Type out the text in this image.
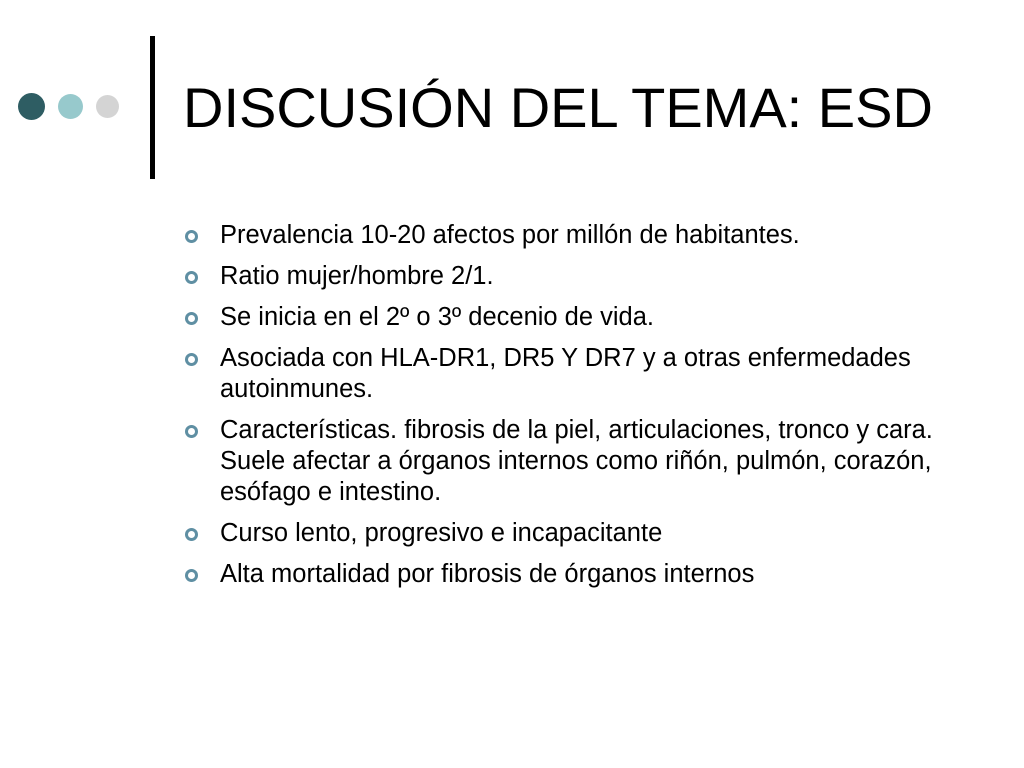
DISCUSIÓN DEL TEMA: ESD
Prevalencia 10-20 afectos por millón de habitantes.
Ratio mujer/hombre 2/1.
Se inicia en el 2º o 3º decenio de vida.
Asociada con HLA-DR1, DR5 Y DR7 y a otras enfermedades autoinmunes.
Características. fibrosis de la piel, articulaciones, tronco y cara. Suele afectar a órganos internos como riñón, pulmón, corazón, esófago e intestino.
Curso lento, progresivo e incapacitante
Alta mortalidad por fibrosis de órganos internos
